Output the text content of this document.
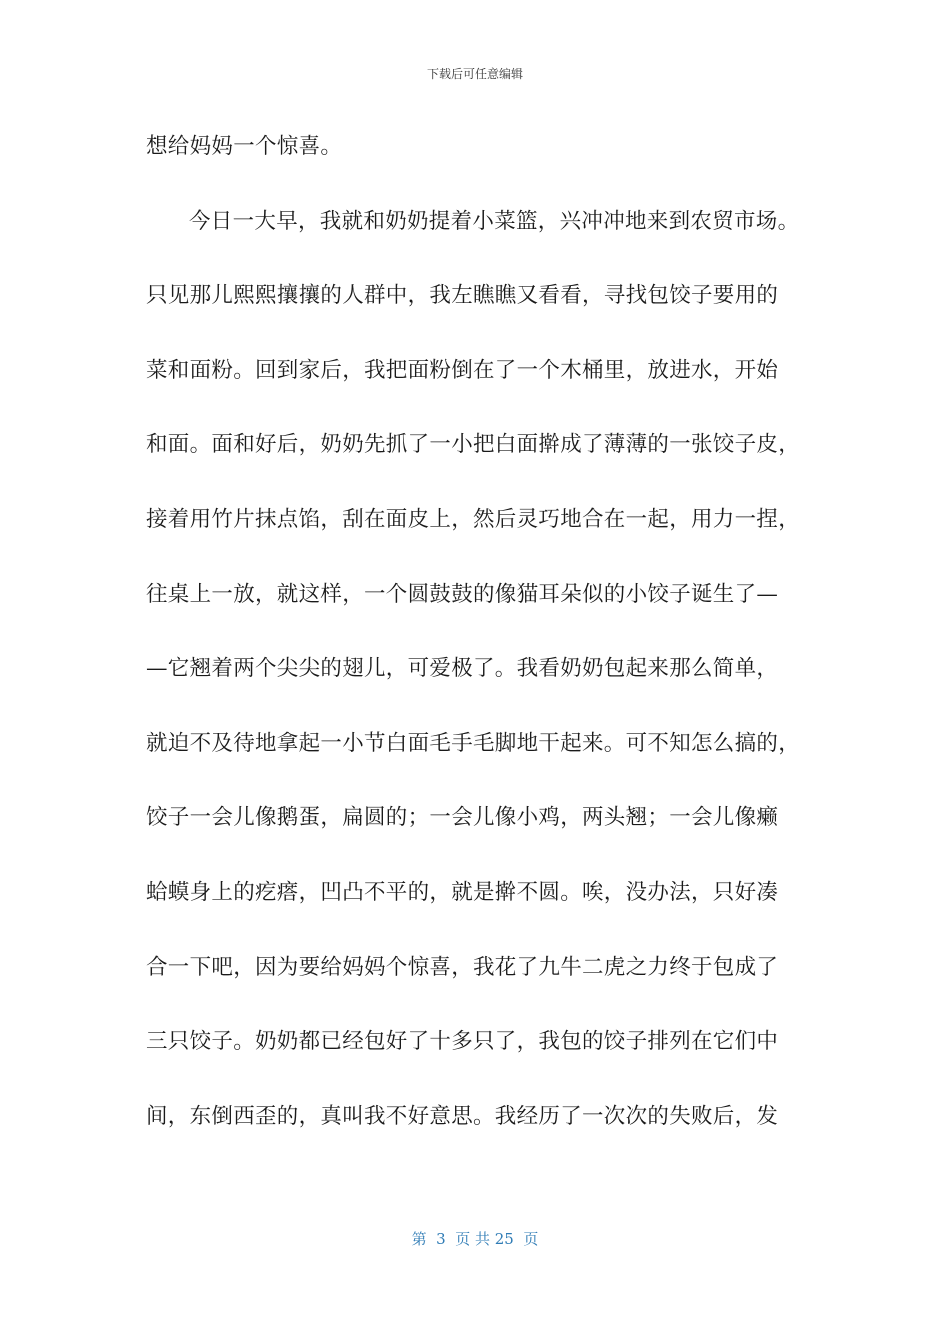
下载后可任意编辑
想给妈妈一个惊喜。
今日一大早，我就和奶奶提着小菜篮，兴冲冲地来到农贸市场。
只见那儿熙熙攘攘的人群中，我左瞧瞧又看看，寻找包饺子要用的
菜和面粉。回到家后，我把面粉倒在了一个木桶里，放进水，开始
和面。面和好后，奶奶先抓了一小把白面擀成了薄薄的一张饺子皮，
接着用竹片抹点馅，刮在面皮上，然后灵巧地合在一起，用力一捏，
往桌上一放，就这样，一个圆鼓鼓的像猫耳朵似的小饺子诞生了—
—它翘着两个尖尖的翅儿，可爱极了。我看奶奶包起来那么简单，
就迫不及待地拿起一小节白面毛手毛脚地干起来。可不知怎么搞的，
饺子一会儿像鹅蛋，扁圆的；一会儿像小鸡，两头翘；一会儿像癞
蛤蟆身上的疙瘩，凹凸不平的，就是擀不圆。唉，没办法，只好凑
合一下吧，因为要给妈妈个惊喜，我花了九牛二虎之力终于包成了
三只饺子。奶奶都已经包好了十多只了，我包的饺子排列在它们中
间，东倒西歪的，真叫我不好意思。我经历了一次次的失败后，发
第  3  页 共 25  页
